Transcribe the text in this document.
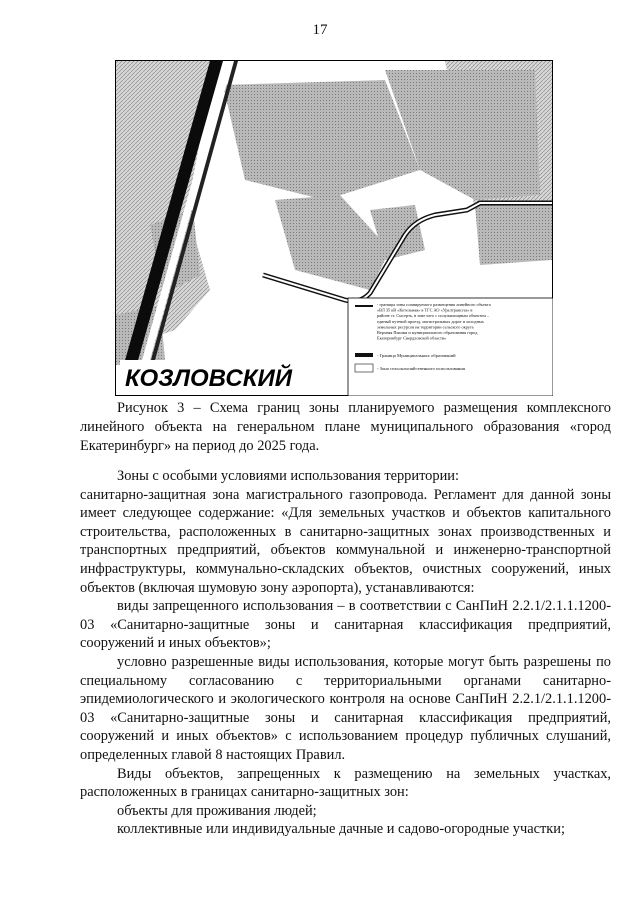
17
- границы зоны планируемого размещения линейного объекта «ВЛ 35 кВ «Котельная» в ТГС АО «Уралтрансгаз» в районе ст. Сысерть, в зоне чего с полужилищным объектом – единый путевой проезд, магистральных дорог и холодных земельных ресурсов на территории сельского округа Верхняя Пышма и муниципального образования город Екатеринбург Свердловской области»
- Граница Муниципальных образований
- Зона сельскохозяйственного использования
КОЗЛОВСКИЙ
Рисунок 3 – Схема границ зоны планируемого размещения комплексного линейного объекта на генеральном плане муниципального образования «город Екатеринбург» на период до 2025 года.

Зоны с особыми условиями использования территории:

санитарно-защитная зона магистрального газопровода. Регламент для данной зоны имеет следующее содержание: «Для земельных участков и объектов капитального строительства, расположенных в санитарно-защитных зонах производственных и транспортных предприятий, объектов коммунальной и инженерно-транспортной инфраструктуры, коммунально-складских объектов, очистных сооружений, иных объектов (включая шумовую зону аэропорта), устанавливаются:

виды запрещенного использования – в соответствии с СанПиН 2.2.1/2.1.1.1200-03 «Санитарно-защитные зоны и санитарная классификация предприятий, сооружений и иных объектов»;

условно разрешенные виды использования, которые могут быть разрешены по специальному согласованию с территориальными органами санитарно-эпидемиологического и экологического контроля на основе СанПиН 2.2.1/2.1.1.1200-03 «Санитарно-защитные зоны и санитарная классификация предприятий, сооружений и иных объектов» с использованием процедур публичных слушаний, определенных главой 8 настоящих Правил.

Виды объектов, запрещенных к размещению на земельных участках, расположенных в границах санитарно-защитных зон:

объекты для проживания людей;

коллективные или индивидуальные дачные и садово-огородные участки;
